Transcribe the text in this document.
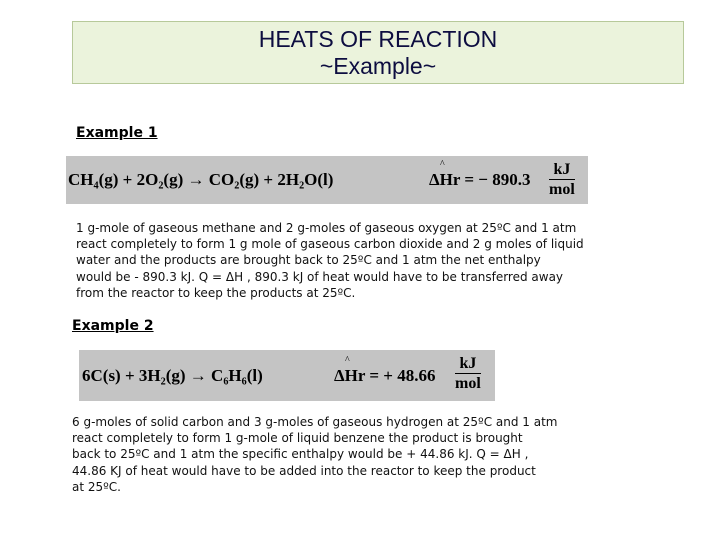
HEATS OF REACTION
~Example~
Example 1
CH₄(g) + 2O₂(g) → CO₂(g) + 2H₂O(l)	^ ΔHr = − 890.3
kJ
mol
1 g-mole of gaseous methane and 2 g-moles of gaseous oxygen at 25ºC and 1 atm
react completely to form 1 g mole of gaseous carbon dioxide and 2 g moles of liquid
water and the products are brought back to 25ºC and 1 atm the net enthalpy
would be - 890.3 kJ. Q = ΔH , 890.3 kJ of heat would have to be transferred away
from the reactor to keep the products at 25ºC.
Example 2
6C(s) + 3H₂(g) → C₆H₆(l)	^ ΔHr = + 48.66
kJ
mol
6 g-moles of solid carbon and 3 g-moles of gaseous hydrogen at 25ºC and 1 atm
react completely to form 1 g-mole of liquid benzene the product is brought
back to 25ºC and 1 atm the specific enthalpy would be + 44.86 kJ. Q = ΔH ,
44.86 KJ of heat would have to be added into the reactor to keep the product
at 25ºC.
